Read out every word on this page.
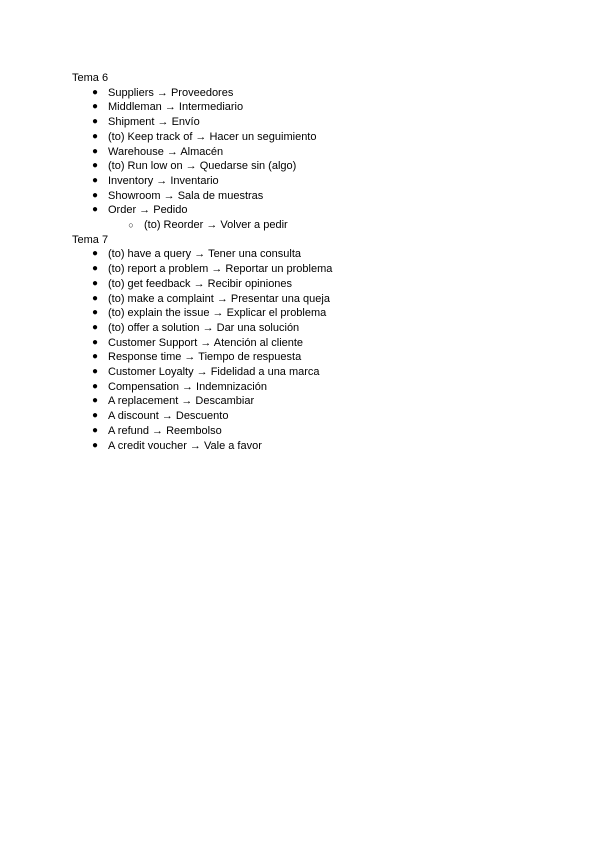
Tema 6
● Suppliers → Proveedores
● Middleman → Intermediario
● Shipment → Envío
● (to) Keep track of → Hacer un seguimiento
● Warehouse → Almacén
● (to) Run low on → Quedarse sin (algo)
● Inventory → Inventario
● Showroom → Sala de muestras
● Order → Pedido
○ (to) Reorder → Volver a pedir
Tema 7
● (to) have a query → Tener una consulta
● (to) report a problem → Reportar un problema
● (to) get feedback → Recibir opiniones
● (to) make a complaint → Presentar una queja
● (to) explain the issue → Explicar el problema
● (to) offer a solution → Dar una solución
● Customer Support → Atención al cliente
● Response time → Tiempo de respuesta
● Customer Loyalty → Fidelidad a una marca
● Compensation → Indemnización
● A replacement → Descambiar
● A discount → Descuento
● A refund → Reembolso
● A credit voucher → Vale a favor
